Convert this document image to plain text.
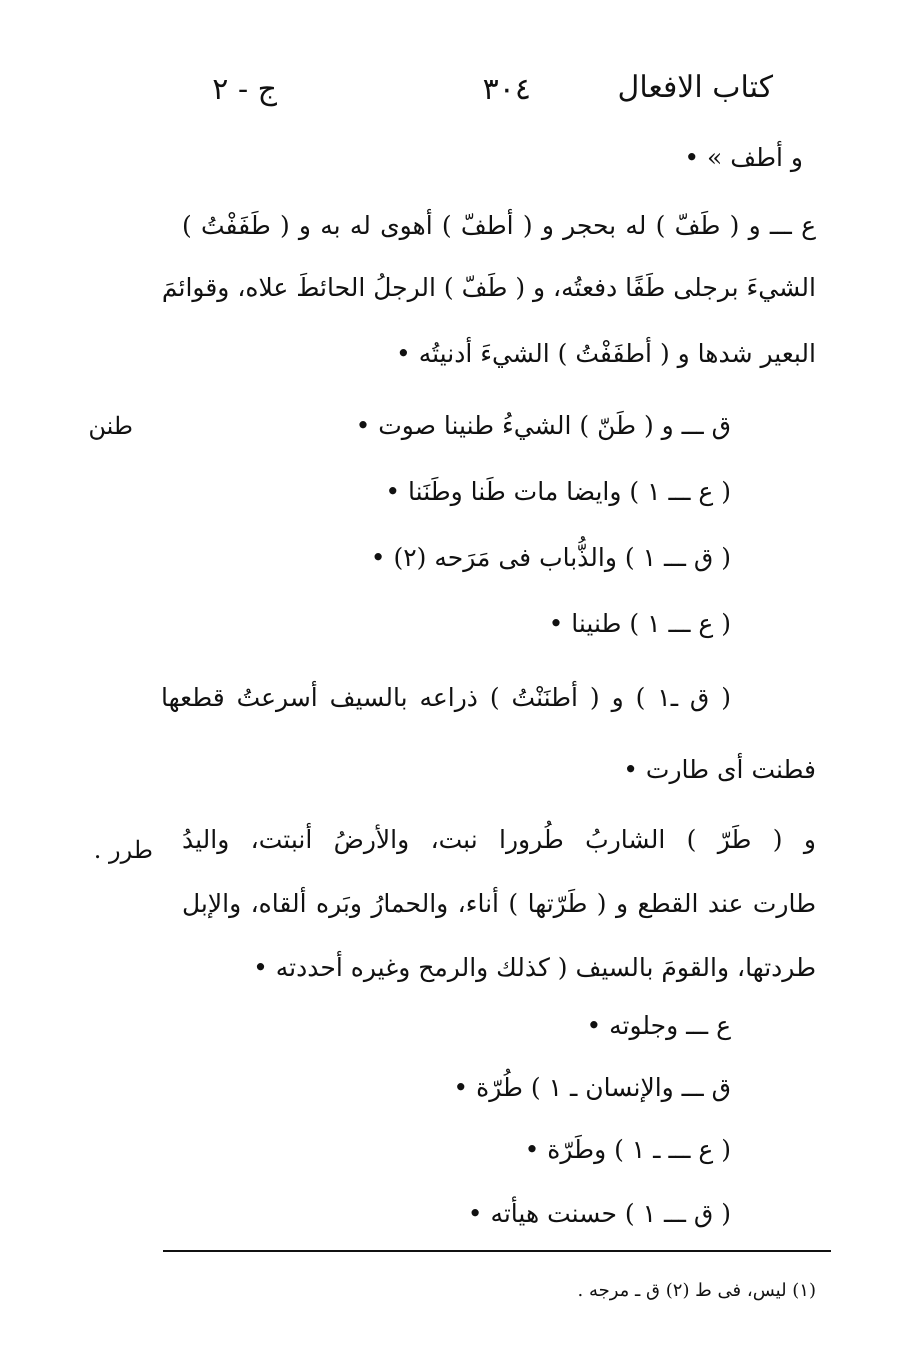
كتاب الافعال
٣٠٤
ج - ٢
و أطف » •
ع ـــ و ( طَفّ ) له بحجر و ( أطفّ ) أهوى له به و ( طَفَفْتُ )
الشيءَ برجلى طَفًا دفعتُه، و ( طَفّ ) الرجلُ الحائطَ علاه، وقوائمَ
البعير شدها و ( أطفَفْتُ ) الشيءَ أدنيتُه •
طنن	ق ـــ و ( طَنّ ) الشيءُ طنينا صوت •
( ع ـــ ١ ) وايضا مات طَنا وطَنَنا •
( ق ـــ ١ ) والذُّباب فى مَرَحه (٢) •
( ع ـــ ١ ) طنينا •
( ق ـ١ ) و ( أطنَنْتُ ) ذراعه بالسيف أسرعتُ قطعها
فطنت أى طارت •
طرر . و ( طَرّ ) الشاربُ طُرورا نبت، والأرضُ أنبتت، واليدُ
طارت عند القطع و ( طَرّتها ) أناء، والحمارُ وبَره ألقاه، والإبل
طردتها، والقومَ بالسيف ( كذلك والرمح وغيره أحددته •
ع ـــ وجلوته •
ق ـــ والإنسان ـ ١ ) طُرّة •
( ع ـــ ـ ١ ) وطَرّة •
( ق ـــ ١ ) حسنت هيأته •
(١) ليس، فى ط (٢) ق ـ مرجه .
